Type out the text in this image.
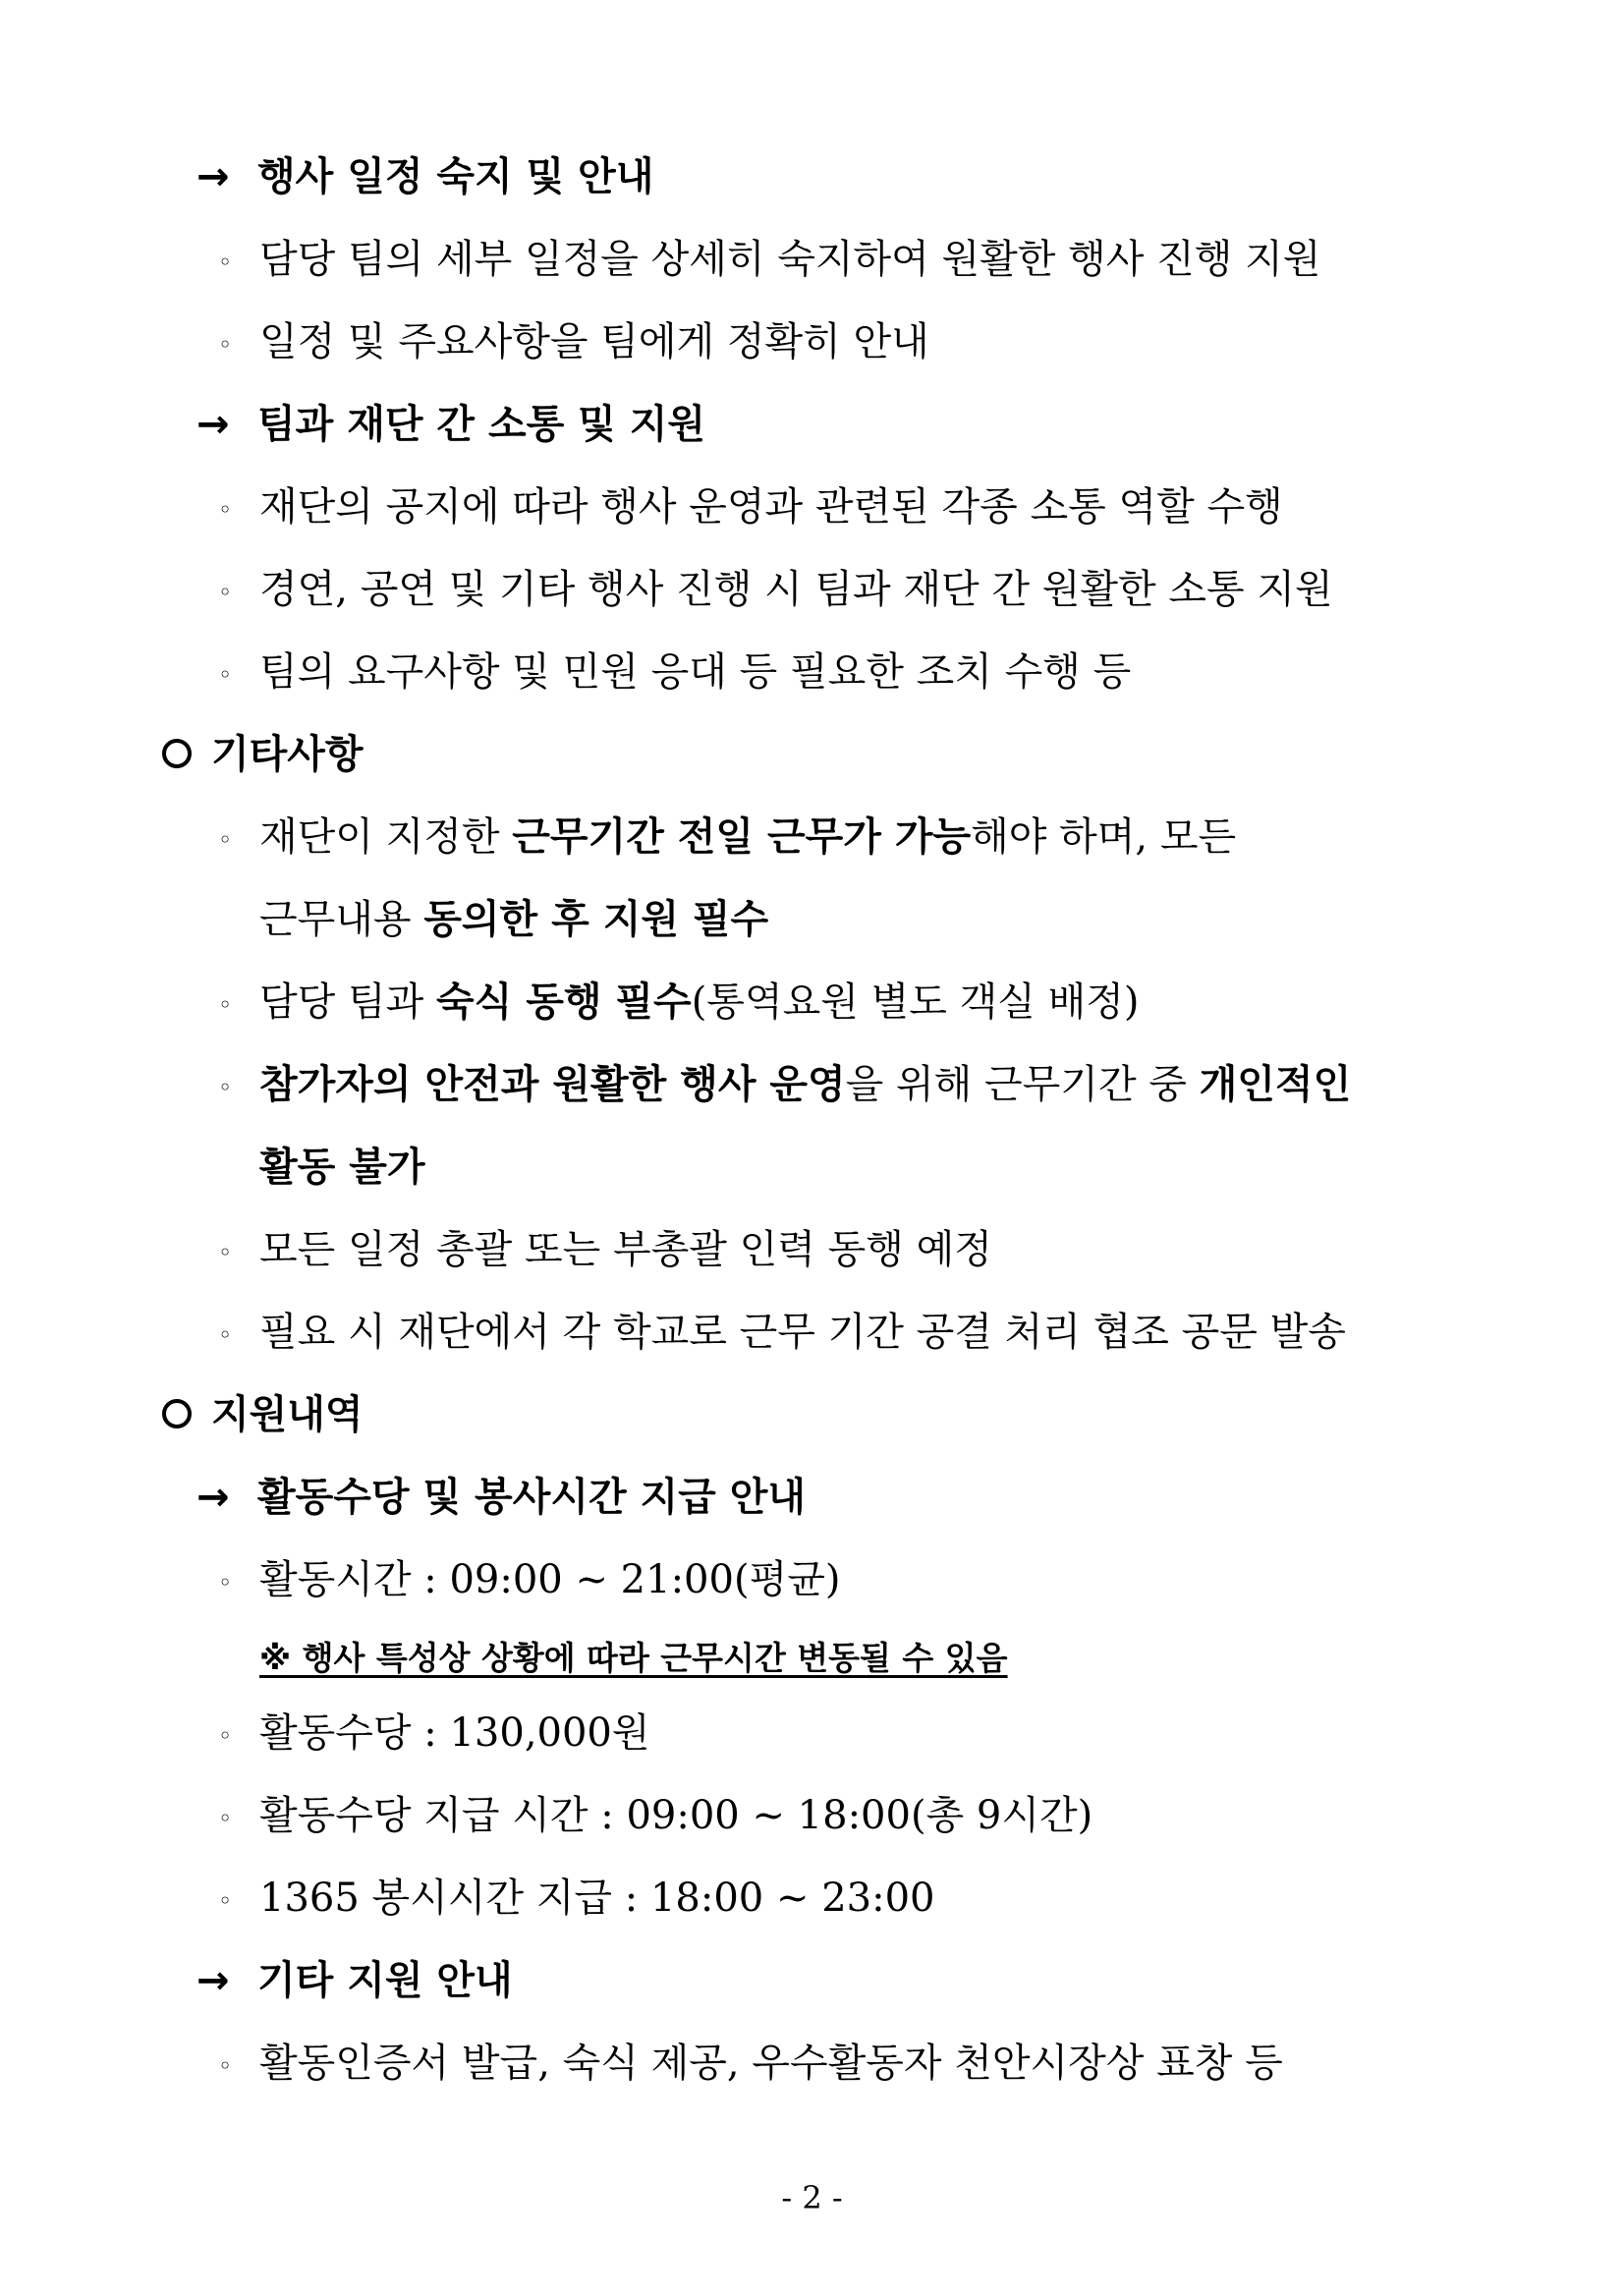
→ 행사 일정 숙지 및 안내
◦ 담당 팀의 세부 일정을 상세히 숙지하여 원활한 행사 진행 지원
◦ 일정 및 주요사항을 팀에게 정확히 안내
→ 팀과 재단 간 소통 및 지원
◦ 재단의 공지에 따라 행사 운영과 관련된 각종 소통 역할 수행
◦ 경연, 공연 및 기타 행사 진행 시 팀과 재단 간 원활한 소통 지원
◦ 팀의 요구사항 및 민원 응대 등 필요한 조치 수행 등
기타사항
◦ 재단이 지정한 근무기간 전일 근무가 가능해야 하며, 모든
근무내용 동의한 후 지원 필수
◦ 담당 팀과 숙식 동행 필수(통역요원 별도 객실 배정)
◦ 참가자의 안전과 원활한 행사 운영을 위해 근무기간 중 개인적인
활동 불가
◦ 모든 일정 총괄 또는 부총괄 인력 동행 예정
◦ 필요 시 재단에서 각 학교로 근무 기간 공결 처리 협조 공문 발송
지원내역
→ 활동수당 및 봉사시간 지급 안내
◦ 활동시간 : 09:00 ~ 21:00(평균)
※ 행사 특성상 상황에 따라 근무시간 변동될 수 있음
◦ 활동수당 : 130,000원
◦ 활동수당 지급 시간 : 09:00 ~ 18:00(총 9시간)
◦ 1365 봉시시간 지급 : 18:00 ~ 23:00
→ 기타 지원 안내
◦ 활동인증서 발급, 숙식 제공, 우수활동자 천안시장상 표창 등
- 2 -
